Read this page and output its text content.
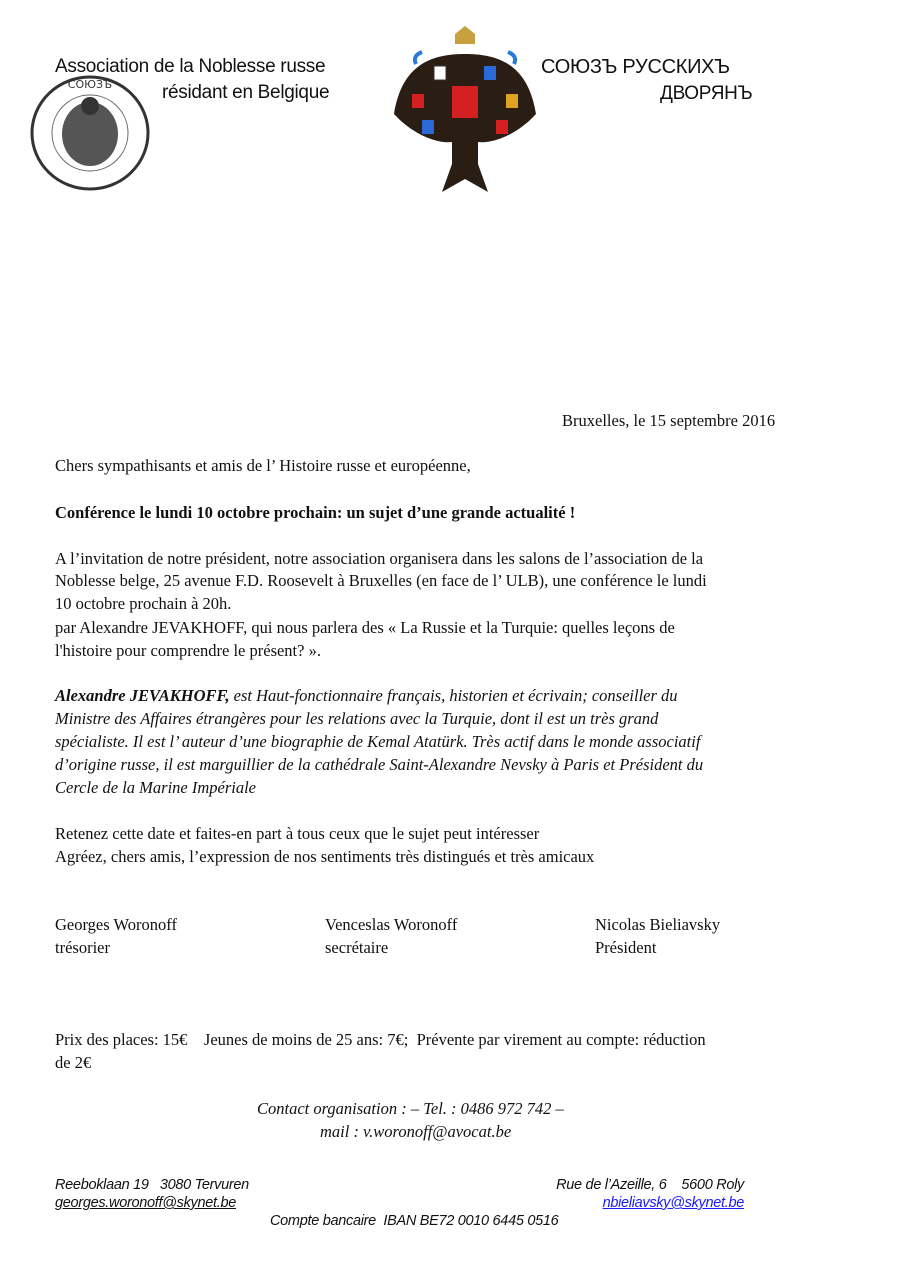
СОЮЗЪ
Association de la Noblesse russe
résidant en Belgique
СОЮЗЪ РУССКИХЪ
ДВОРЯНЪ
Bruxelles, le 15 septembre 2016
Chers sympathisants et amis de l’ Histoire russe et européenne,
Conférence le lundi 10 octobre prochain: un sujet d’une grande actualité !
A l’invitation de notre président, notre association organisera dans les salons de l’association de la
Noblesse belge, 25 avenue F.D. Roosevelt à Bruxelles (en face de l’ ULB), une conférence le lundi
10 octobre prochain à 20h.
par Alexandre JEVAKHOFF, qui nous parlera des « La Russie et la Turquie: quelles leçons de
l'histoire pour comprendre le présent? ».
Alexandre JEVAKHOFF, est Haut-fonctionnaire français, historien et écrivain; conseiller du
Ministre des Affaires étrangères pour les relations avec la Turquie, dont il est un très grand
spécialiste. Il est l’ auteur d’une biographie de Kemal Atatürk. Très actif dans le monde associatif
d’origine russe, il est marguillier de la cathédrale Saint-Alexandre Nevsky à Paris et Président du
Cercle de la Marine Impériale
Retenez cette date et faites-en part à tous ceux que le sujet peut intéresser
Agréez, chers amis, l’expression de nos sentiments très distingués et très amicaux
Georges Woronoff
trésorier
Venceslas Woronoff
secrétaire
Nicolas Bieliavsky
Président
Prix des places: 15€    Jeunes de moins de 25 ans: 7€;  Prévente par virement au compte: réduction
de 2€
Contact organisation : – Tel. : 0486 972 742 –
mail : v.woronoff@avocat.be
Reeboklaan 19   3080 Tervuren
georges.woronoff@skynet.be
Rue de l’Azeille, 6    5600 Roly
nbieliavsky@skynet.be
Compte bancaire  IBAN BE72 0010 6445 0516
